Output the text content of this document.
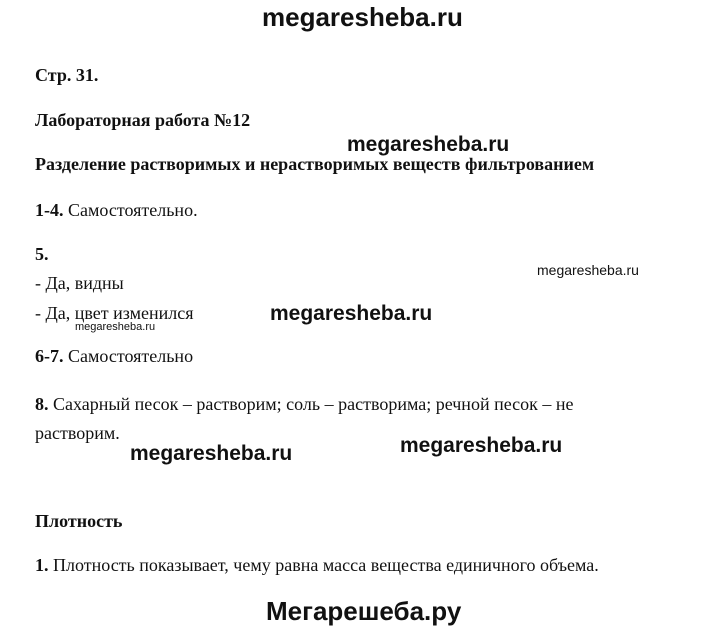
megaresheba.ru
megaresheba.ru
megaresheba.ru
megaresheba.ru
megaresheba.ru
megaresheba.ru
megaresheba.ru
Мегарешеба.ру
Стр. 31.
Лабораторная работа №12
Разделение растворимых и нерастворимых веществ фильтрованием
1-4. Самостоятельно.
5.
- Да, видны
- Да, цвет изменился
6-7. Самостоятельно
8. Сахарный песок – растворим; соль – растворима; речной песок – не
растворим.
Плотность
1. Плотность показывает, чему равна масса вещества единичного объема.
